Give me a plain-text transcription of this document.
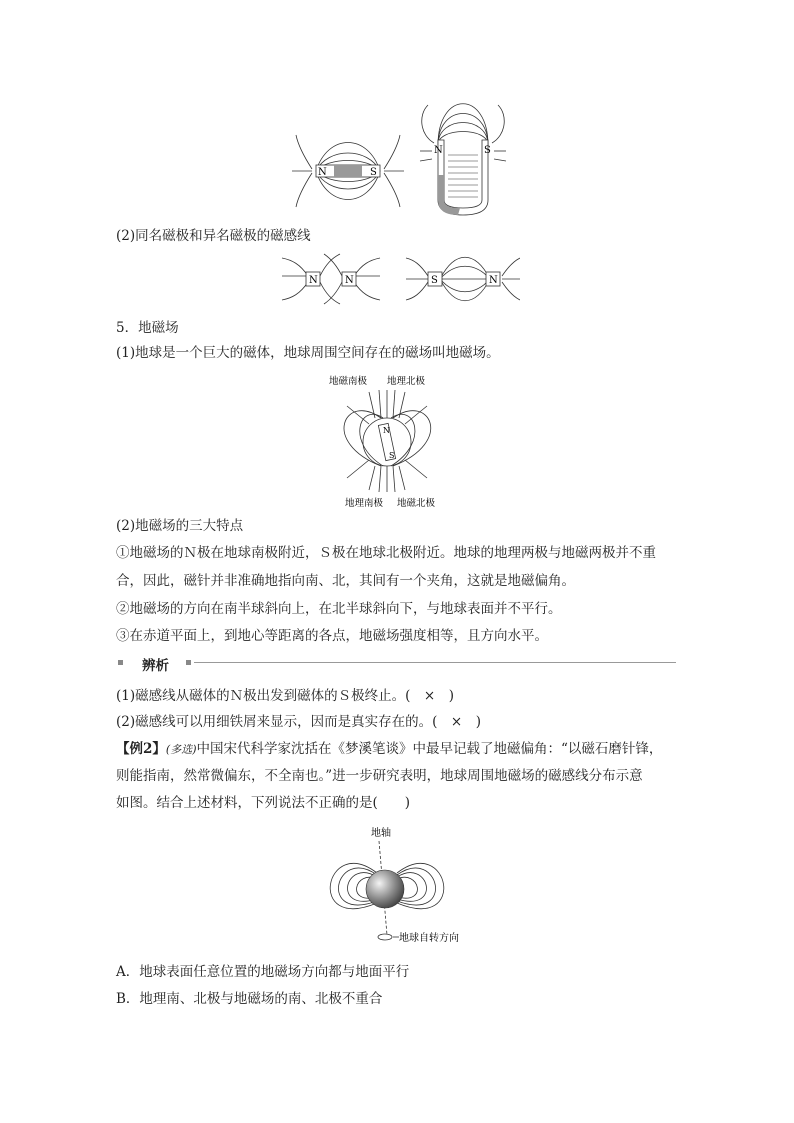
N	S
N	S
(2)同名磁极和异名磁极的磁感线
N	N	S	N
5．地磁场
(1)地球是一个巨大的磁体，地球周围空间存在的磁场叫地磁场。
地磁南极 地理北极
N
S
地理南极 地磁北极
(2)地磁场的三大特点
①地磁场的Ｎ极在地球南极附近，Ｓ极在地球北极附近。地球的地理两极与地磁两极并不重
合，因此，磁针并非准确地指向南、北，其间有一个夹角，这就是地磁偏角。
②地磁场的方向在南半球斜向上，在北半球斜向下，与地球表面并不平行。
③在赤道平面上，到地心等距离的各点，地磁场强度相等，且方向水平。
辨析
(1)磁感线从磁体的Ｎ极出发到磁体的Ｓ极终止。(　×　)
(2)磁感线可以用细铁屑来显示，因而是真实存在的。(　×　)
【例2】(多选)中国宋代科学家沈括在《梦溪笔谈》中最早记载了地磁偏角：“以磁石磨针锋，
则能指南，然常微偏东，不全南也。”进一步研究表明，地球周围地磁场的磁感线分布示意
如图。结合上述材料，下列说法不正确的是(　　)
地轴
地球自转方向
A．地球表面任意位置的地磁场方向都与地面平行
B．地理南、北极与地磁场的南、北极不重合
